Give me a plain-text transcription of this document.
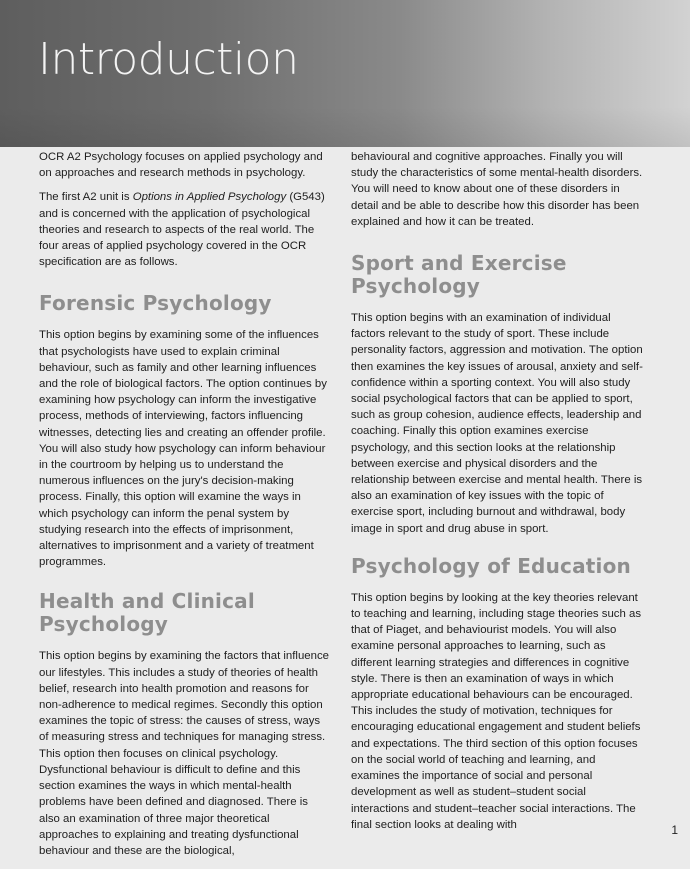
Introduction

OCR A2 Psychology focuses on applied psychology and on approaches and research methods in psychology.

The first A2 unit is Options in Applied Psychology (G543) and is concerned with the application of psychological theories and research to aspects of the real world. The four areas of applied psychology covered in the OCR specification are as follows.

Forensic Psychology

This option begins by examining some of the influences that psychologists have used to explain criminal behaviour, such as family and other learning influences and the role of biological factors. The option continues by examining how psychology can inform the investigative process, methods of interviewing, factors influencing witnesses, detecting lies and creating an offender profile. You will also study how psychology can inform behaviour in the courtroom by helping us to understand the numerous influences on the jury's decision-making process. Finally, this option will examine the ways in which psychology can inform the penal system by studying research into the effects of imprisonment, alternatives to imprisonment and a variety of treatment programmes.

Health and Clinical Psychology

This option begins by examining the factors that influence our lifestyles. This includes a study of theories of health belief, research into health promotion and reasons for non-adherence to medical regimes. Secondly this option examines the topic of stress: the causes of stress, ways of measuring stress and techniques for managing stress. This option then focuses on clinical psychology. Dysfunctional behaviour is difficult to define and this section examines the ways in which mental-health problems have been defined and diagnosed. There is also an examination of three major theoretical approaches to explaining and treating dysfunctional behaviour and these are the biological,

behavioural and cognitive approaches. Finally you will study the characteristics of some mental-health disorders. You will need to know about one of these disorders in detail and be able to describe how this disorder has been explained and how it can be treated.

Sport and Exercise Psychology

This option begins with an examination of individual factors relevant to the study of sport. These include personality factors, aggression and motivation. The option then examines the key issues of arousal, anxiety and self-confidence within a sporting context. You will also study social psychological factors that can be applied to sport, such as group cohesion, audience effects, leadership and coaching. Finally this option examines exercise psychology, and this section looks at the relationship between exercise and physical disorders and the relationship between exercise and mental health. There is also an examination of key issues with the topic of exercise sport, including burnout and withdrawal, body image in sport and drug abuse in sport.

Psychology of Education

This option begins by looking at the key theories relevant to teaching and learning, including stage theories such as that of Piaget, and behaviourist models. You will also examine personal approaches to learning, such as different learning strategies and differences in cognitive style. There is then an examination of ways in which appropriate educational behaviours can be encouraged. This includes the study of motivation, techniques for encouraging educational engagement and student beliefs and expectations. The third section of this option focuses on the social world of teaching and learning, and examines the importance of social and personal development as well as student–student social interactions and student–teacher social interactions. The final section looks at dealing with	1
